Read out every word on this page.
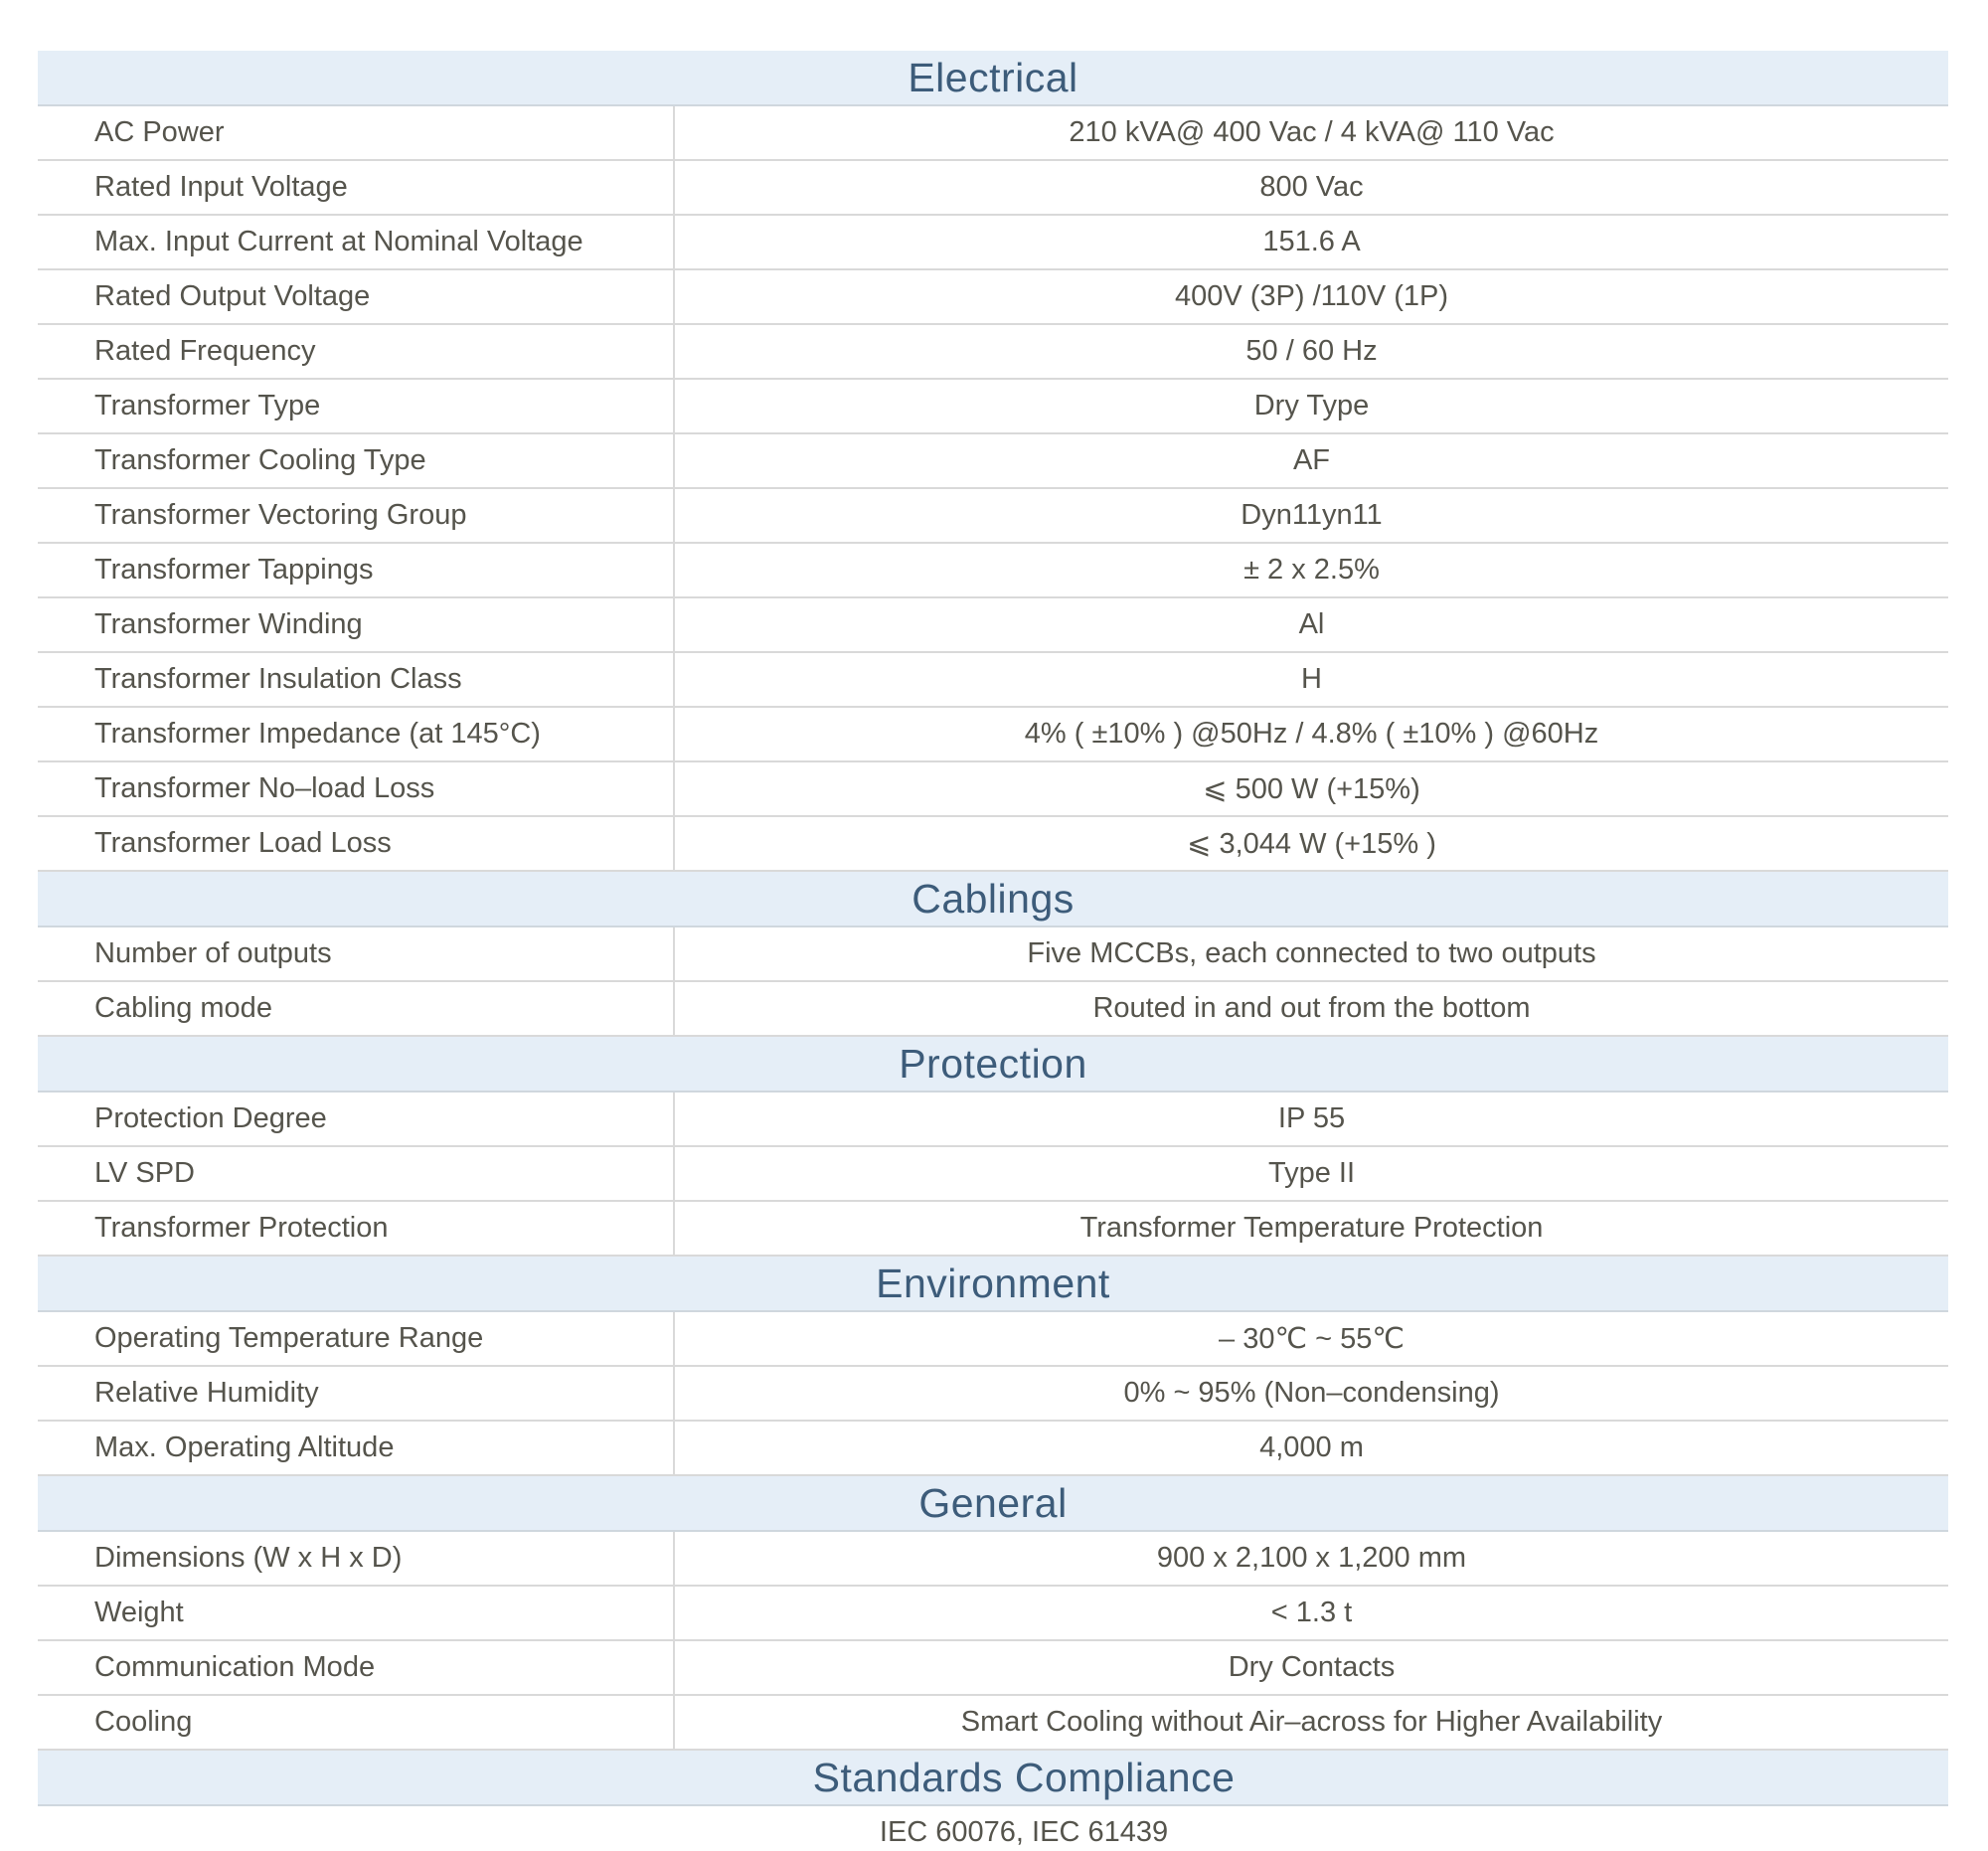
Electrical
AC Power	210 kVA@ 400 Vac / 4 kVA@ 110 Vac
Rated Input Voltage	800 Vac
Max. Input Current at Nominal Voltage	151.6 A
Rated Output Voltage	400V (3P) /110V (1P)
Rated Frequency	50 / 60 Hz
Transformer Type	Dry Type
Transformer Cooling Type	AF
Transformer Vectoring Group	Dyn11yn11
Transformer Tappings	± 2 x 2.5%
Transformer Winding	Al
Transformer Insulation Class	H
Transformer Impedance (at 145°C)	4% ( ±10% ) @50Hz / 4.8% ( ±10% ) @60Hz
Transformer No–load Loss	⩽ 500 W (+15%)
Transformer Load Loss	⩽ 3,044 W (+15% )
Cablings
Number of outputs	Five MCCBs, each connected to two outputs
Cabling mode	Routed in and out from the bottom
Protection
Protection Degree	IP 55
LV SPD	Type II
Transformer Protection	Transformer Temperature Protection
Environment
Operating Temperature Range	– 30℃ ~ 55℃
Relative Humidity	0% ~ 95% (Non–condensing)
Max. Operating Altitude	4,000 m
General
Dimensions (W x H x D)	900 x 2,100 x 1,200 mm
Weight	< 1.3 t
Communication Mode	Dry Contacts
Cooling	Smart Cooling without Air–across for Higher Availability
Standards Compliance
IEC 60076, IEC 61439
